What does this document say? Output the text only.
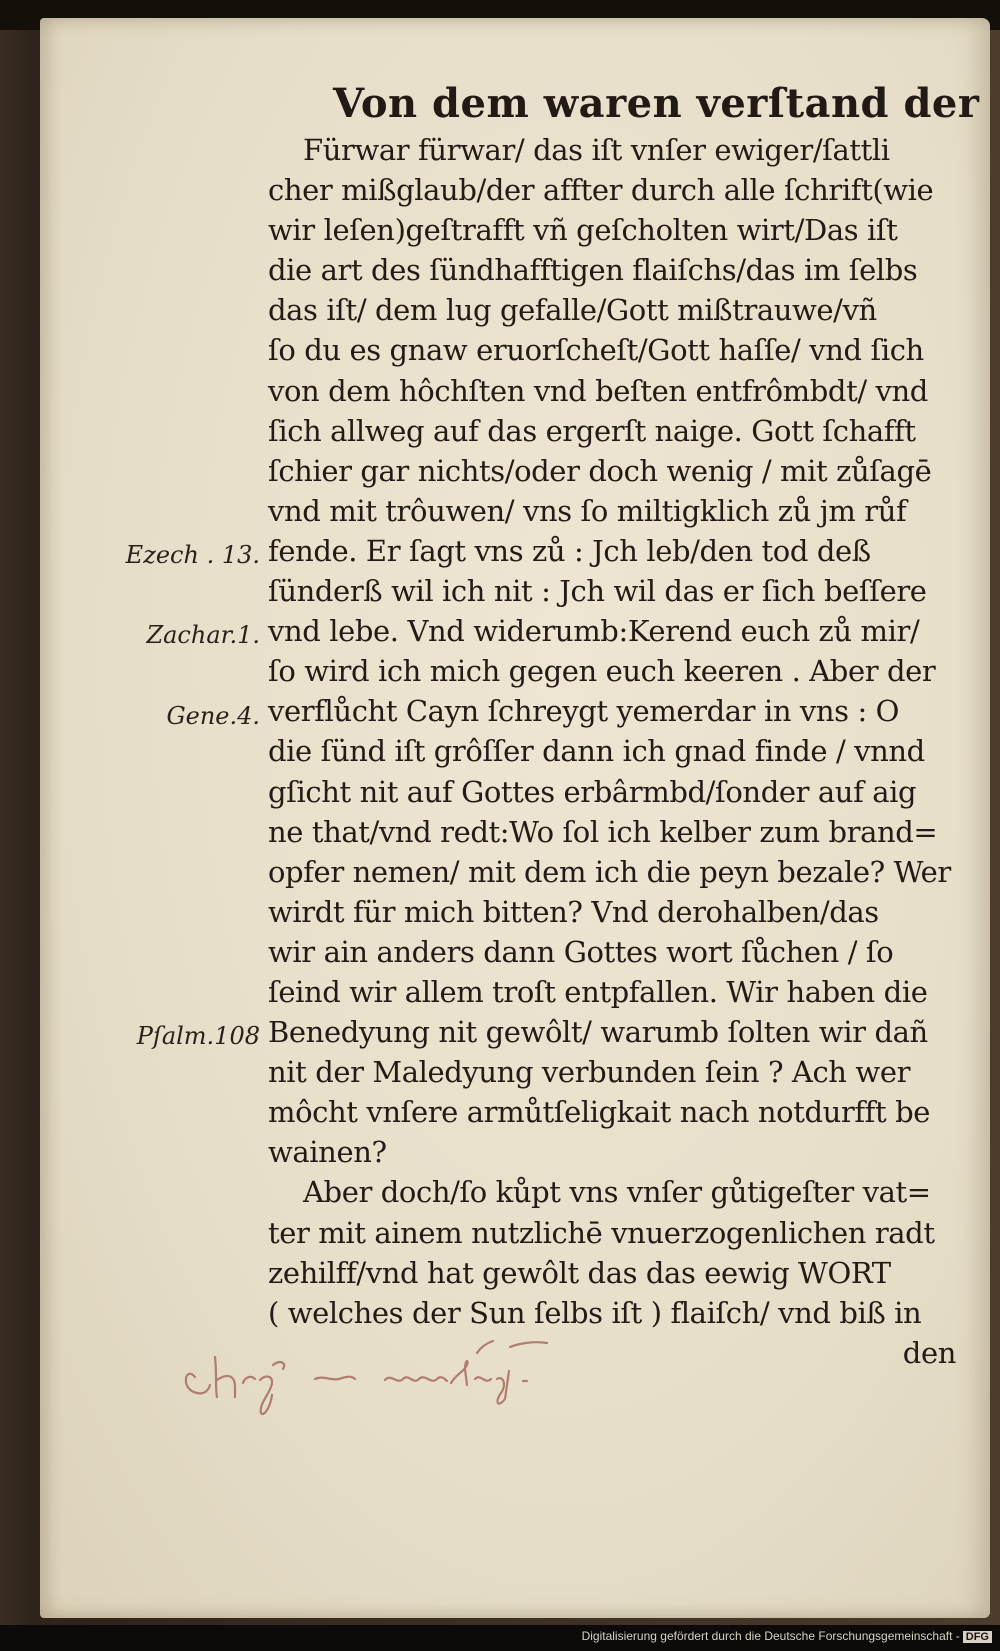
Von dem waren verſtand der
Fürwar fürwar/ das iſt vnſer ewiger/ſattli
cher mißglaub/der affter durch alle ſchrift(wie
wir leſen)geſtrafft vñ geſcholten wirt/Das iſt
die art des ſündhafftigen flaiſchs/das im ſelbs
das iſt/ dem lug gefalle/Gott mißtrauwe/vñ
ſo du es gnaw eruorſcheſt/Gott haſſe/ vnd ſich
von dem hôchſten vnd beſten entfrômbdt/ vnd
ſich allweg auf das ergerſt naige. Gott ſchafft
ſchier gar nichts/oder doch wenig / mit zůſagē
vnd mit trôuwen/ vns ſo miltigklich zů jm růf
fende. Er ſagt vns zů : Jch leb/den tod deß
ſünderß wil ich nit : Jch wil das er ſich beſſere
vnd lebe. Vnd widerumb:Kerend euch zů mir/
ſo wird ich mich gegen euch keeren . Aber der
verflůcht Cayn ſchreygt yemerdar in vns : O
die ſünd iſt grôſſer dann ich gnad finde / vnnd
gſicht nit auf Gottes erbârmbd/ſonder auf aig
ne that/vnd redt:Wo ſol ich kelber zum brand=
opfer nemen/ mit dem ich die peyn bezale? Wer
wirdt für mich bitten? Vnd derohalben/das
wir ain anders dann Gottes wort ſůchen / ſo
ſeind wir allem troſt entpfallen. Wir haben die
Benedyung nit gewôlt/ warumb ſolten wir dañ
nit der Maledyung verbunden ſein ? Ach wer
môcht vnſere armůtſeligkait nach notdurfft be
wainen?
Aber doch/ſo kůpt vns vnſer gůtigeſter vat=
ter mit ainem nutzlichē vnuerzogenlichen radt
zehilff/vnd hat gewôlt das das eewig WORT
( welches der Sun ſelbs iſt ) flaiſch/ vnd biß in
den
Ezech . 13.
Zachar.1.
Gene.4.
Pſalm.108
Digitalisierung gefördert durch die Deutsche Forschungsgemeinschaft - DFG
